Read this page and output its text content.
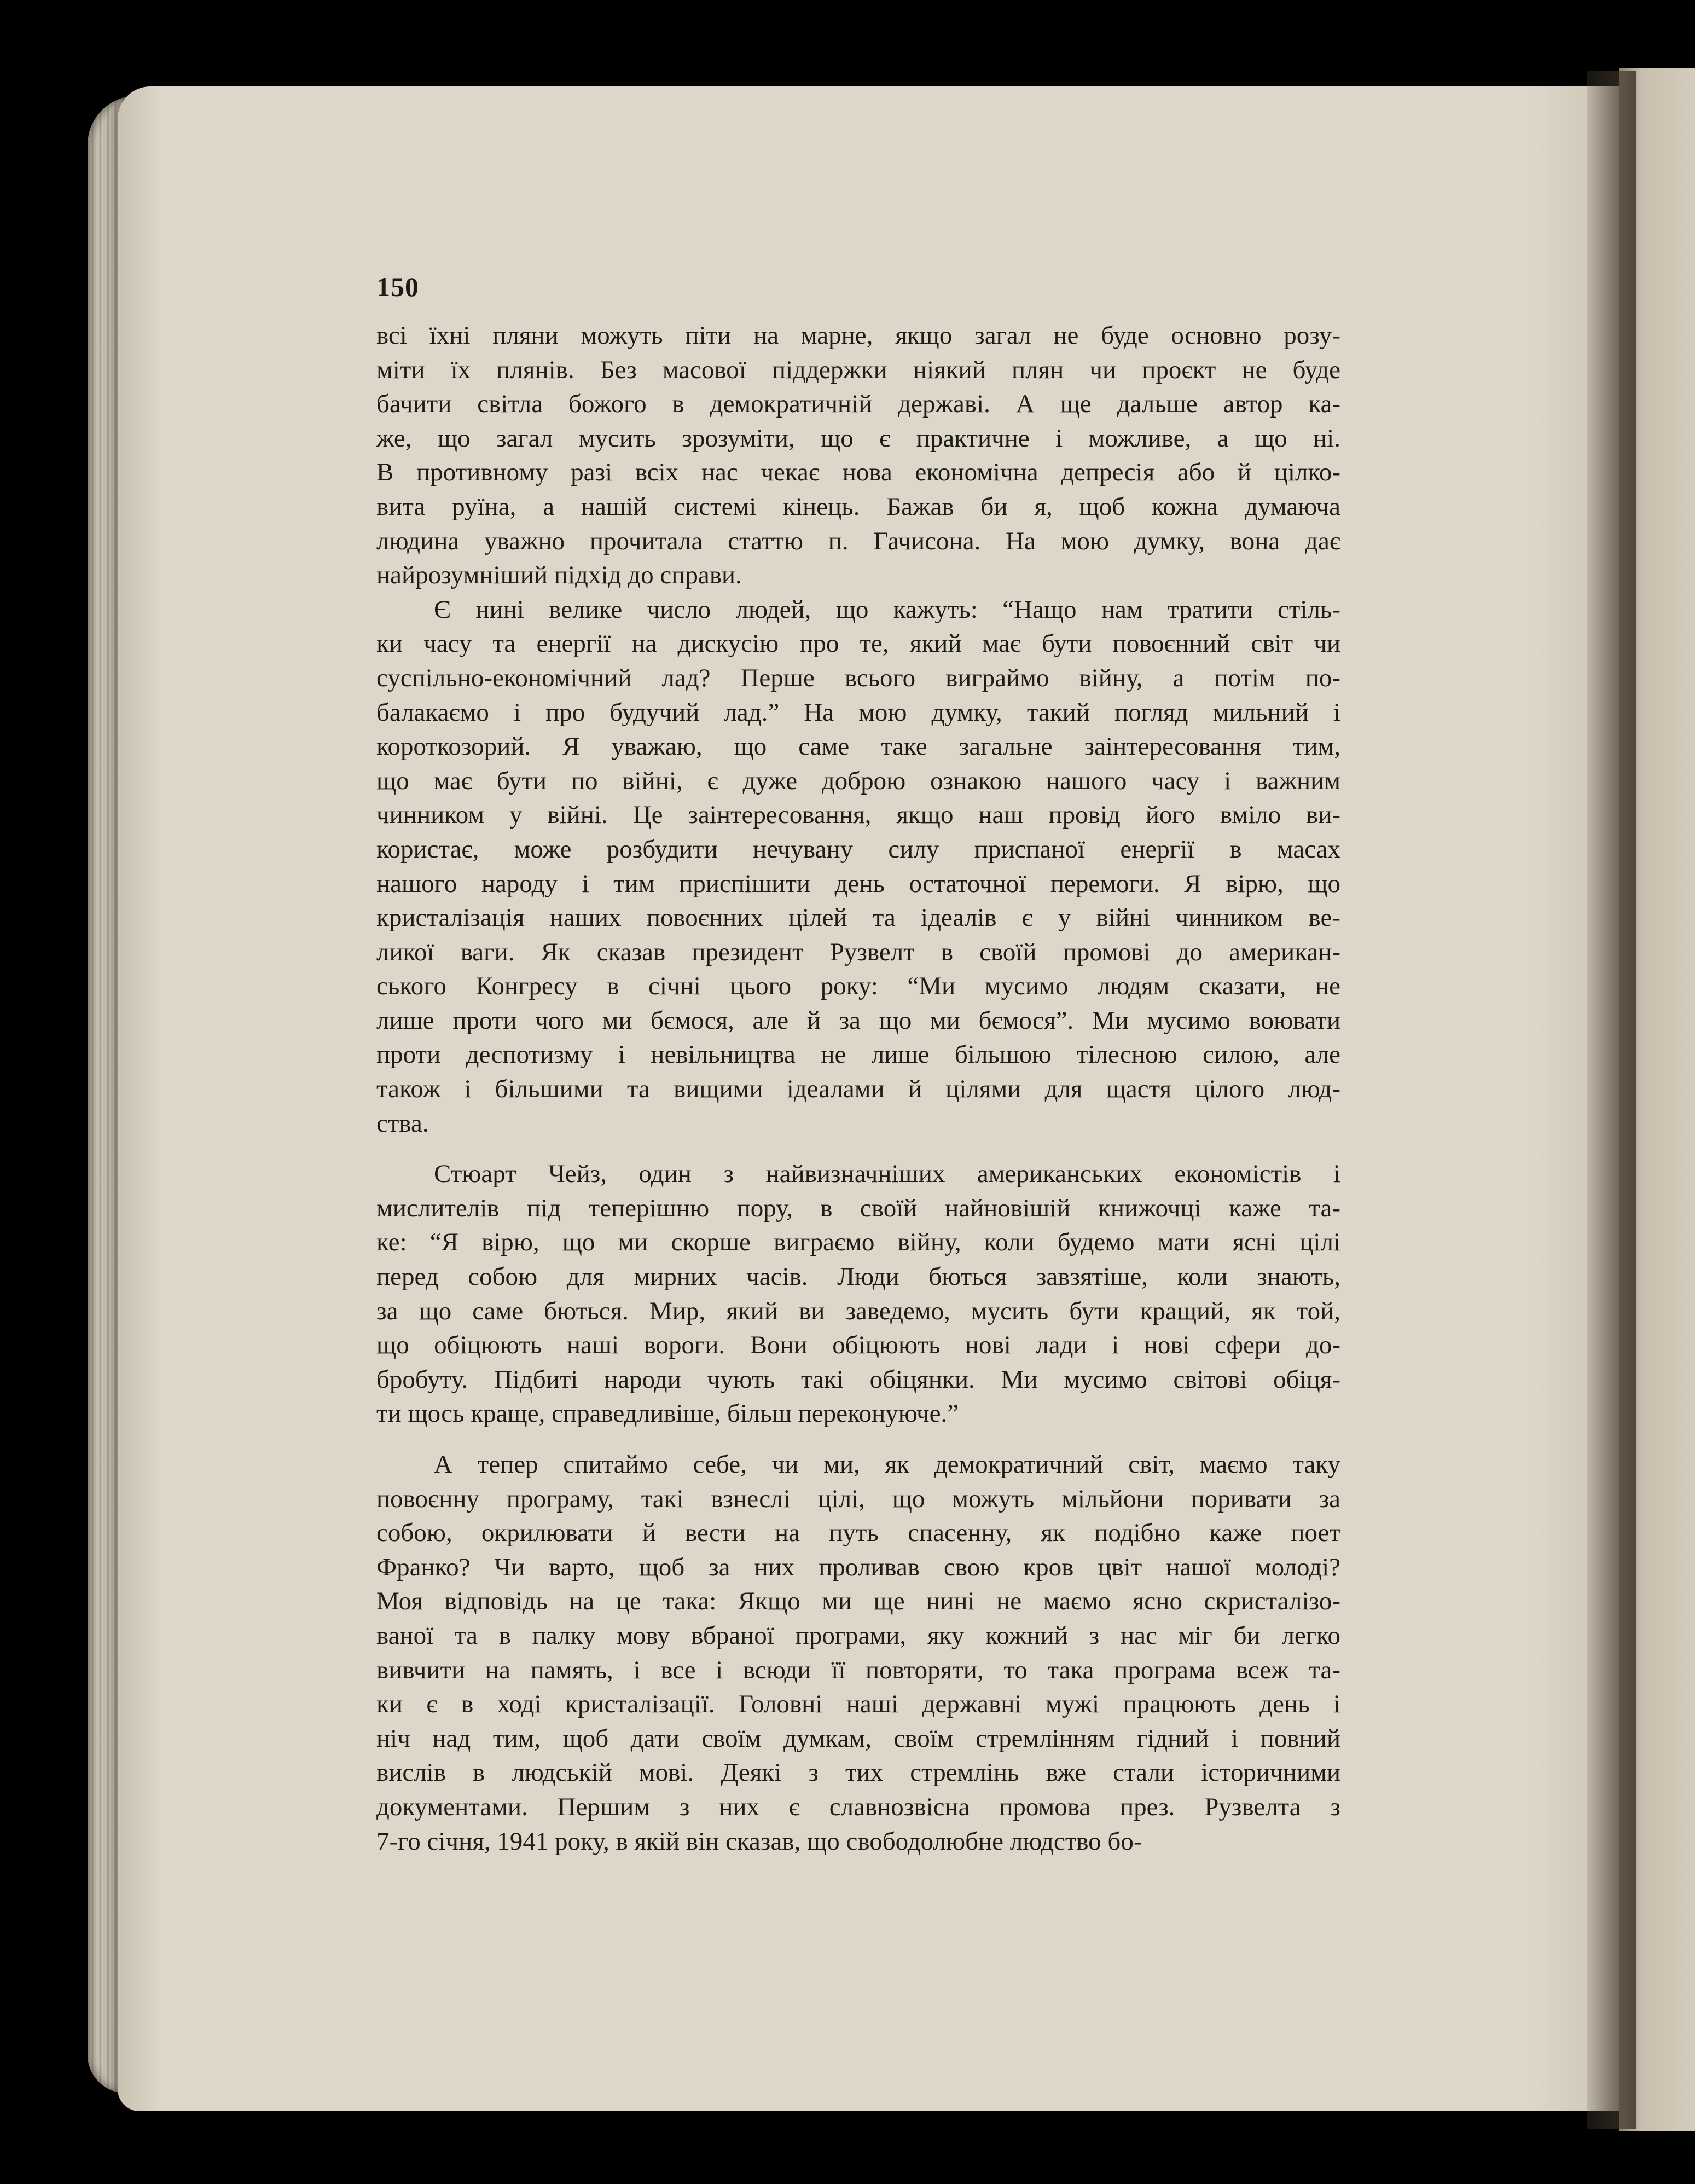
150
всі їхні пляни можуть піти на марне, якщо загал не буде основно розу-
міти їх плянів. Без масової піддержки ніякий плян чи проєкт не буде
бачити світла божого в демократичній державі. А ще дальше автор ка-
же, що загал мусить зрозуміти, що є практичне і можливе, а що ні.
В противному разі всіх нас чекає нова економічна депресія або й цілко-
вита руїна, а нашій системі кінець. Бажав би я, щоб кожна думаюча
людина уважно прочитала статтю п. Гачисона. На мою думку, вона дає
найрозумніший підхід до справи.
Є нині велике число людей, що кажуть: “Нащо нам тратити стіль-
ки часу та енергії на дискусію про те, який має бути повоєнний світ чи
суспільно-економічний лад? Перше всього виграймо війну, а потім по-
балакаємо і про будучий лад.” На мою думку, такий погляд мильний і
короткозорий. Я уважаю, що саме таке загальне заінтересовання тим,
що має бути по війні, є дуже доброю ознакою нашого часу і важним
чинником у війні. Це заінтересовання, якщо наш провід його вміло ви-
користає, може розбудити нечувану силу приспаної енергії в масах
нашого народу і тим приспішити день остаточної перемоги. Я вірю, що
кристалізація наших повоєнних цілей та ідеалів є у війні чинником ве-
ликої ваги. Як сказав президент Рузвелт в своїй промові до американ-
ського Конгресу в січні цього року: “Ми мусимо людям сказати, не
лише проти чого ми бємося, але й за що ми бємося”. Ми мусимо воювати
проти деспотизму і невільництва не лише більшою тілесною силою, але
також і більшими та вищими ідеалами й цілями для щастя цілого люд-
ства.
Стюарт Чейз, один з найвизначніших американських економістів і
мислителів під теперішню пору, в своїй найновішій книжочці каже та-
ке: “Я вірю, що ми скорше виграємо війну, коли будемо мати ясні цілі
перед собою для мирних часів. Люди бються завзятіше, коли знають,
за що саме бються. Мир, який ви заведемо, мусить бути кращий, як той,
що обіцюють наші вороги. Вони обіцюють нові лади і нові сфери до-
бробуту. Підбиті народи чують такі обіцянки. Ми мусимо світові обіця-
ти щось краще, справедливіше, більш переконуюче.”
А тепер спитаймо себе, чи ми, як демократичний світ, маємо таку
повоєнну програму, такі взнеслі цілі, що можуть мільйони поривати за
собою, окрилювати й вести на путь спасенну, як подібно каже поет
Франко? Чи варто, щоб за них проливав свою кров цвіт нашої молоді?
Моя відповідь на це така: Якщо ми ще нині не маємо ясно скристалізо-
ваної та в палку мову вбраної програми, яку кожний з нас міг би легко
вивчити на память, і все і всюди її повторяти, то така програма всеж та-
ки є в ході кристалізації. Головні наші державні мужі працюють день і
ніч над тим, щоб дати своїм думкам, своїм стремлінням гідний і повний
вислів в людській мові. Деякі з тих стремлінь вже стали історичними
документами. Першим з них є славнозвісна промова през. Рузвелта з
7-го січня, 1941 року, в якій він сказав, що свободолюбне людство бо-
